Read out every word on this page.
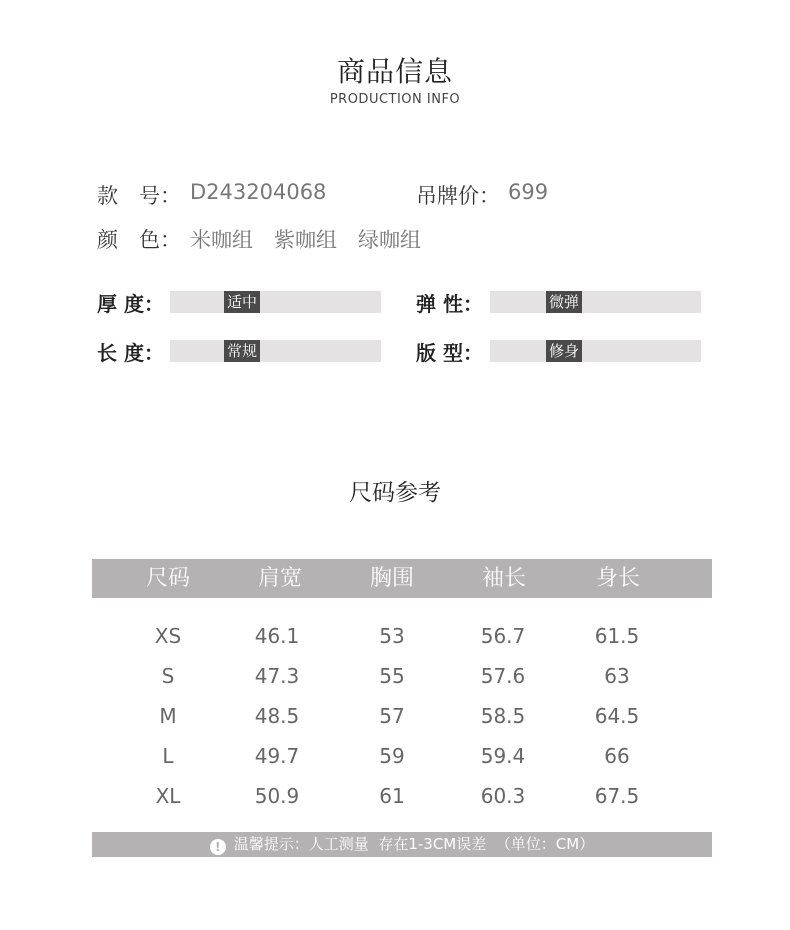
商品信息
PRODUCTION INFO
款　号： D243204068	吊牌价： 699
颜　色： 米咖组　紫咖组　绿咖组
厚 度：	适中	弹 性：	微弹
长 度：	常规	版 型：	修身
尺码参考
尺码	肩宽	胸围	袖长	身长
XS	46.1	53	56.7	61.5
S	47.3	55	57.6	63
M	48.5	57	58.5	64.5
L	49.7	59	59.4	66
XL	50.9	61	60.3	67.5
! 温馨提示：人工测量  存在1-3CM误差  （单位：CM）
